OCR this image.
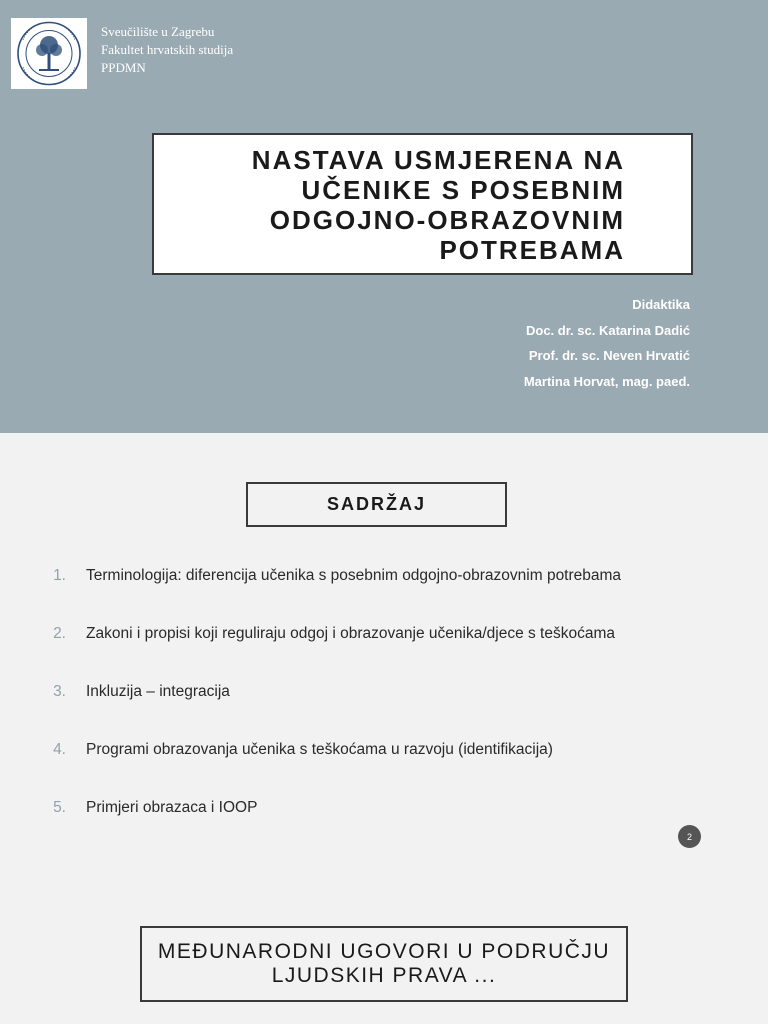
Sveučilište u Zagrebu
Fakultet hrvatskih studija
PPDMN
NASTAVA USMJERENA NA
UČENIKE S POSEBNIM
ODGOJNO-OBRAZOVNIM
POTREBAMA
Didaktika
Doc. dr. sc. Katarina Dadić
Prof. dr. sc. Neven Hrvatić
Martina Horvat, mag. paed.
SADRŽAJ
1. Terminologija: diferencija učenika s posebnim odgojno-obrazovnim potrebama
2. Zakoni i propisi koji reguliraju odgoj i obrazovanje učenika/djece s teškoćama
3. Inkluzija – integracija
4. Programi obrazovanja učenika s teškoćama u razvoju (identifikacija)
5. Primjeri obrazaca i IOOP
2
MEĐUNARODNI UGOVORI U PODRUČJU
LJUDSKIH PRAVA ...
